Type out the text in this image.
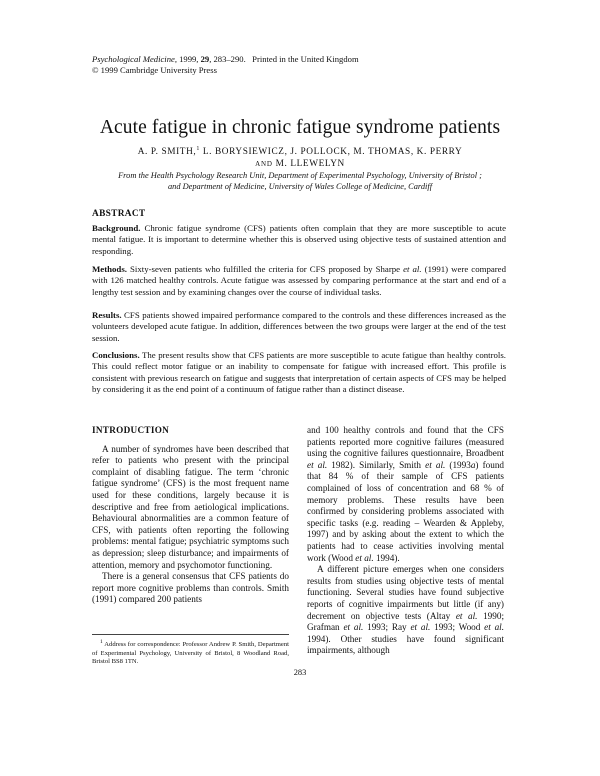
Psychological Medicine, 1999, 29, 283–290. Printed in the United Kingdom
© 1999 Cambridge University Press
Acute fatigue in chronic fatigue syndrome patients
A. P. SMITH,$^1$ L. BORYSIEWICZ, J. POLLOCK, M. THOMAS, K. PERRY
AND M. LLEWELYN
From the Health Psychology Research Unit, Department of Experimental Psychology, University of Bristol ;
and Department of Medicine, University of Wales College of Medicine, Cardiff
ABSTRACT

Background. Chronic fatigue syndrome (CFS) patients often complain that they are more susceptible to acute mental fatigue. It is important to determine whether this is observed using objective tests of sustained attention and responding.

Methods. Sixty-seven patients who fulfilled the criteria for CFS proposed by Sharpe et al. (1991) were compared with 126 matched healthy controls. Acute fatigue was assessed by comparing performance at the start and end of a lengthy test session and by examining changes over the course of individual tasks.

Results. CFS patients showed impaired performance compared to the controls and these differences increased as the volunteers developed acute fatigue. In addition, differences between the two groups were larger at the end of the test session.

Conclusions. The present results show that CFS patients are more susceptible to acute fatigue than healthy controls. This could reflect motor fatigue or an inability to compensate for fatigue with increased effort. This profile is consistent with previous research on fatigue and suggests that interpretation of certain aspects of CFS may be helped by considering it as the end point of a continuum of fatigue rather than a distinct disease.

INTRODUCTION

A number of syndromes have been described that refer to patients who present with the principal complaint of disabling fatigue. The term ‘chronic fatigue syndrome’ (CFS) is the most frequent name used for these conditions, largely because it is descriptive and free from aetiological implications. Behavioural abnormalities are a common feature of CFS, with patients often reporting the following problems: mental fatigue; psychiatric symptoms such as depression; sleep disturbance; and impairments of attention, memory and psychomotor functioning.

There is a general consensus that CFS patients do report more cognitive problems than controls. Smith (1991) compared 200 patients

and 100 healthy controls and found that the CFS patients reported more cognitive failures (measured using the cognitive failures questionnaire, Broadbent et al. 1982). Similarly, Smith et al. (1993a) found that 84 % of their sample of CFS patients complained of loss of concentration and 68 % of memory problems. These results have been confirmed by considering problems associated with specific tasks (e.g. reading – Wearden & Appleby, 1997) and by asking about the extent to which the patients had to cease activities involving mental work (Wood et al. 1994).

A different picture emerges when one considers results from studies using objective tests of mental functioning. Several studies have found subjective reports of cognitive impairments but little (if any) decrement on objective tests (Altay et al. 1990; Grafman et al. 1993; Ray et al. 1993; Wood et al. 1994). Other studies have found significant impairments, although

$^1$ Address for correspondence: Professor Andrew P. Smith, Department of Experimental Psychology, University of Bristol, 8 Woodland Road, Bristol BS8 1TN.
283
